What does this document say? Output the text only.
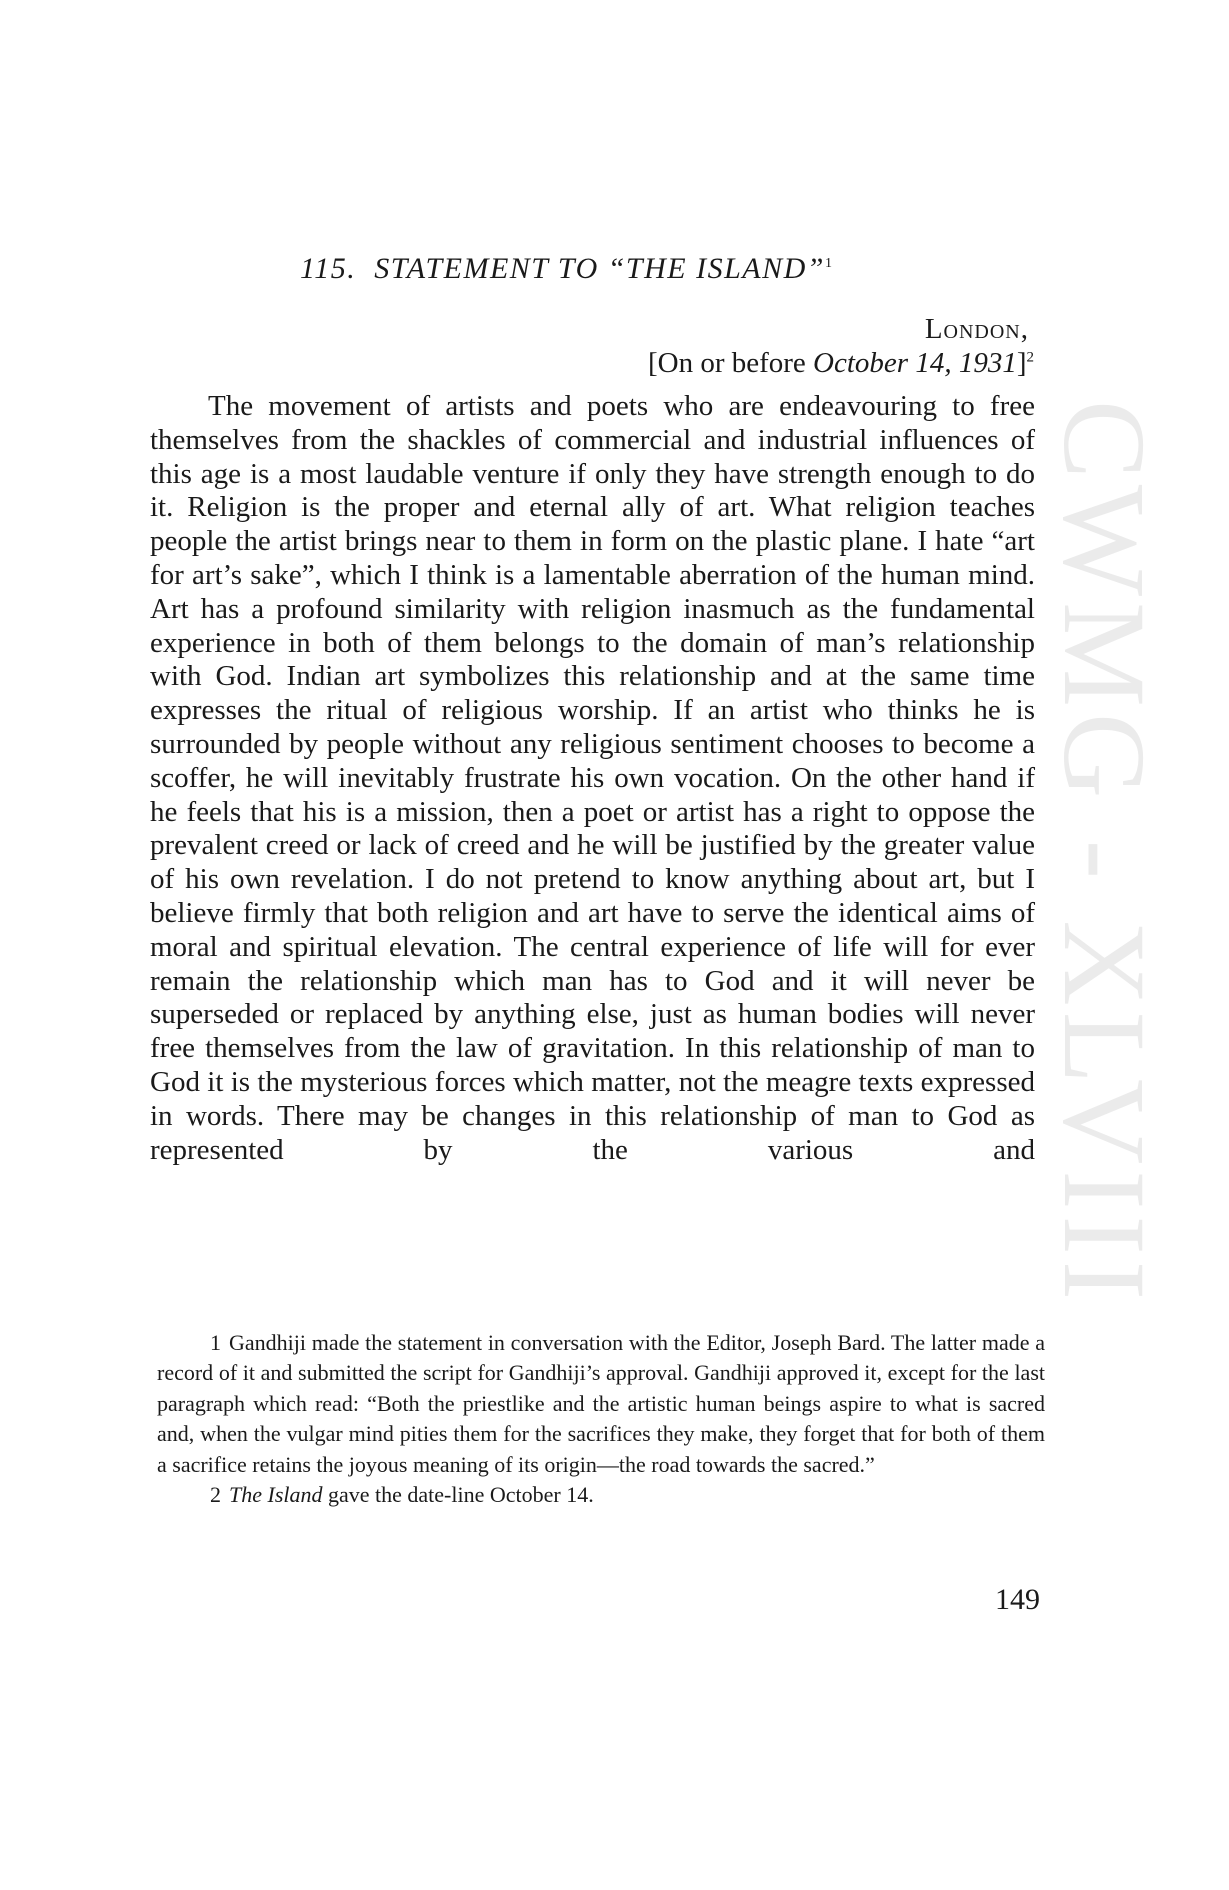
CWMG - XLVIII
115. STATEMENT TO “THE ISLAND”$^1$
London,
[On or before October 14, 1931]$^2$

The movement of artists and poets who are endeavouring to free themselves from the shackles of commercial and industrial influences of this age is a most laudable venture if only they have strength enough to do it. Religion is the proper and eternal ally of art. What religion teaches people the artist brings near to them in form on the plastic plane. I hate “art for art’s sake”, which I think is a lamentable aberration of the human mind. Art has a profound similarity with religion inasmuch as the fundamental experience in both of them belongs to the domain of man’s relationship with God. Indian art symbolizes this relationship and at the same time expresses the ritual of religious worship. If an artist who thinks he is surrounded by people without any religious sentiment chooses to become a scoffer, he will inevitably frustrate his own vocation. On the other hand if he feels that his is a mission, then a poet or artist has a right to oppose the prevalent creed or lack of creed and he will be justified by the greater value of his own revelation. I do not pretend to know anything about art, but I believe firmly that both religion and art have to serve the identical aims of moral and spiritual elevation. The central experience of life will for ever remain the relationship which man has to God and it will never be superseded or replaced by anything else, just as human bodies will never free themselves from the law of gravitation. In this relationship of man to God it is the mysterious forces which matter, not the meagre texts expressed in words. There may be changes in this relationship of man to God as represented by the various and

1 Gandhiji made the statement in conversation with the Editor, Joseph Bard. The latter made a record of it and submitted the script for Gandhiji’s approval. Gandhiji approved it, except for the last paragraph which read: “Both the priestlike and the artistic human beings aspire to what is sacred and, when the vulgar mind pities them for the sacrifices they make, they forget that for both of them a sacrifice retains the joyous meaning of its origin—the road towards the sacred.”

2 The Island gave the date-line October 14.

149
